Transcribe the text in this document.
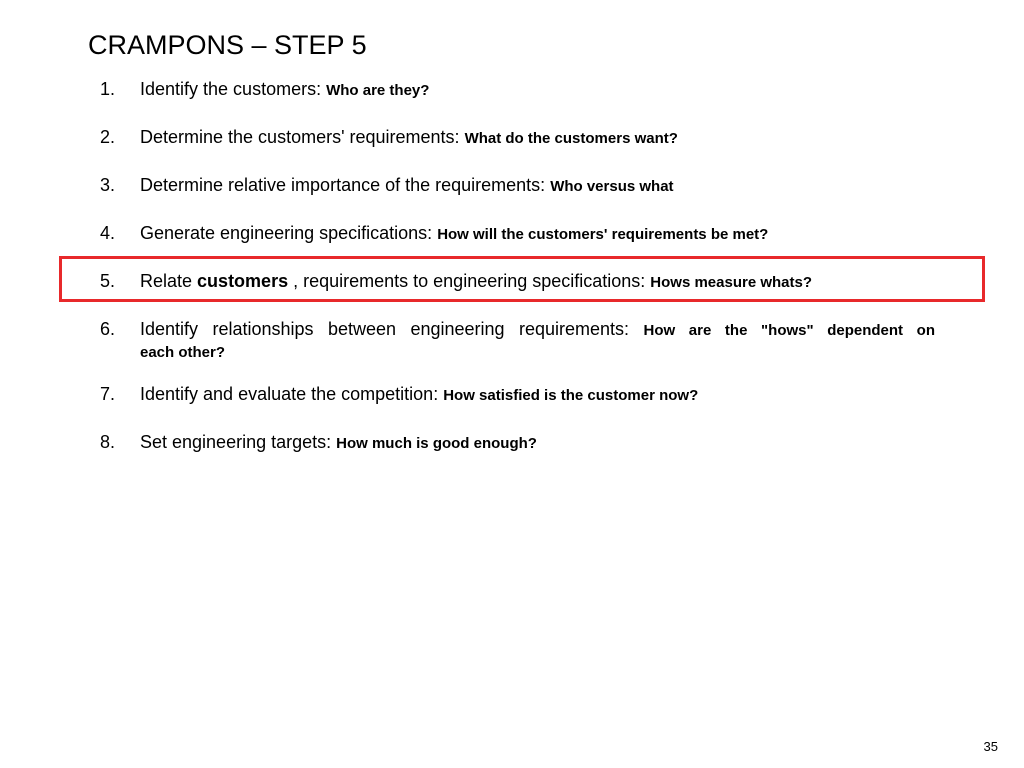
CRAMPONS – STEP 5
1.	Identify the customers: Who are they?
2.	Determine the customers' requirements: What do the customers want?
3.	Determine relative importance of the requirements: Who versus what
4.	Generate engineering specifications: How will the customers' requirements be met?
5.	Relate customers , requirements to engineering specifications: Hows measure whats?
6.	Identify relationships between engineering requirements: How are the "hows" dependent on
each other?
7.	Identify and evaluate the competition: How satisfied is the customer now?
8.	Set engineering targets: How much is good enough?
35
